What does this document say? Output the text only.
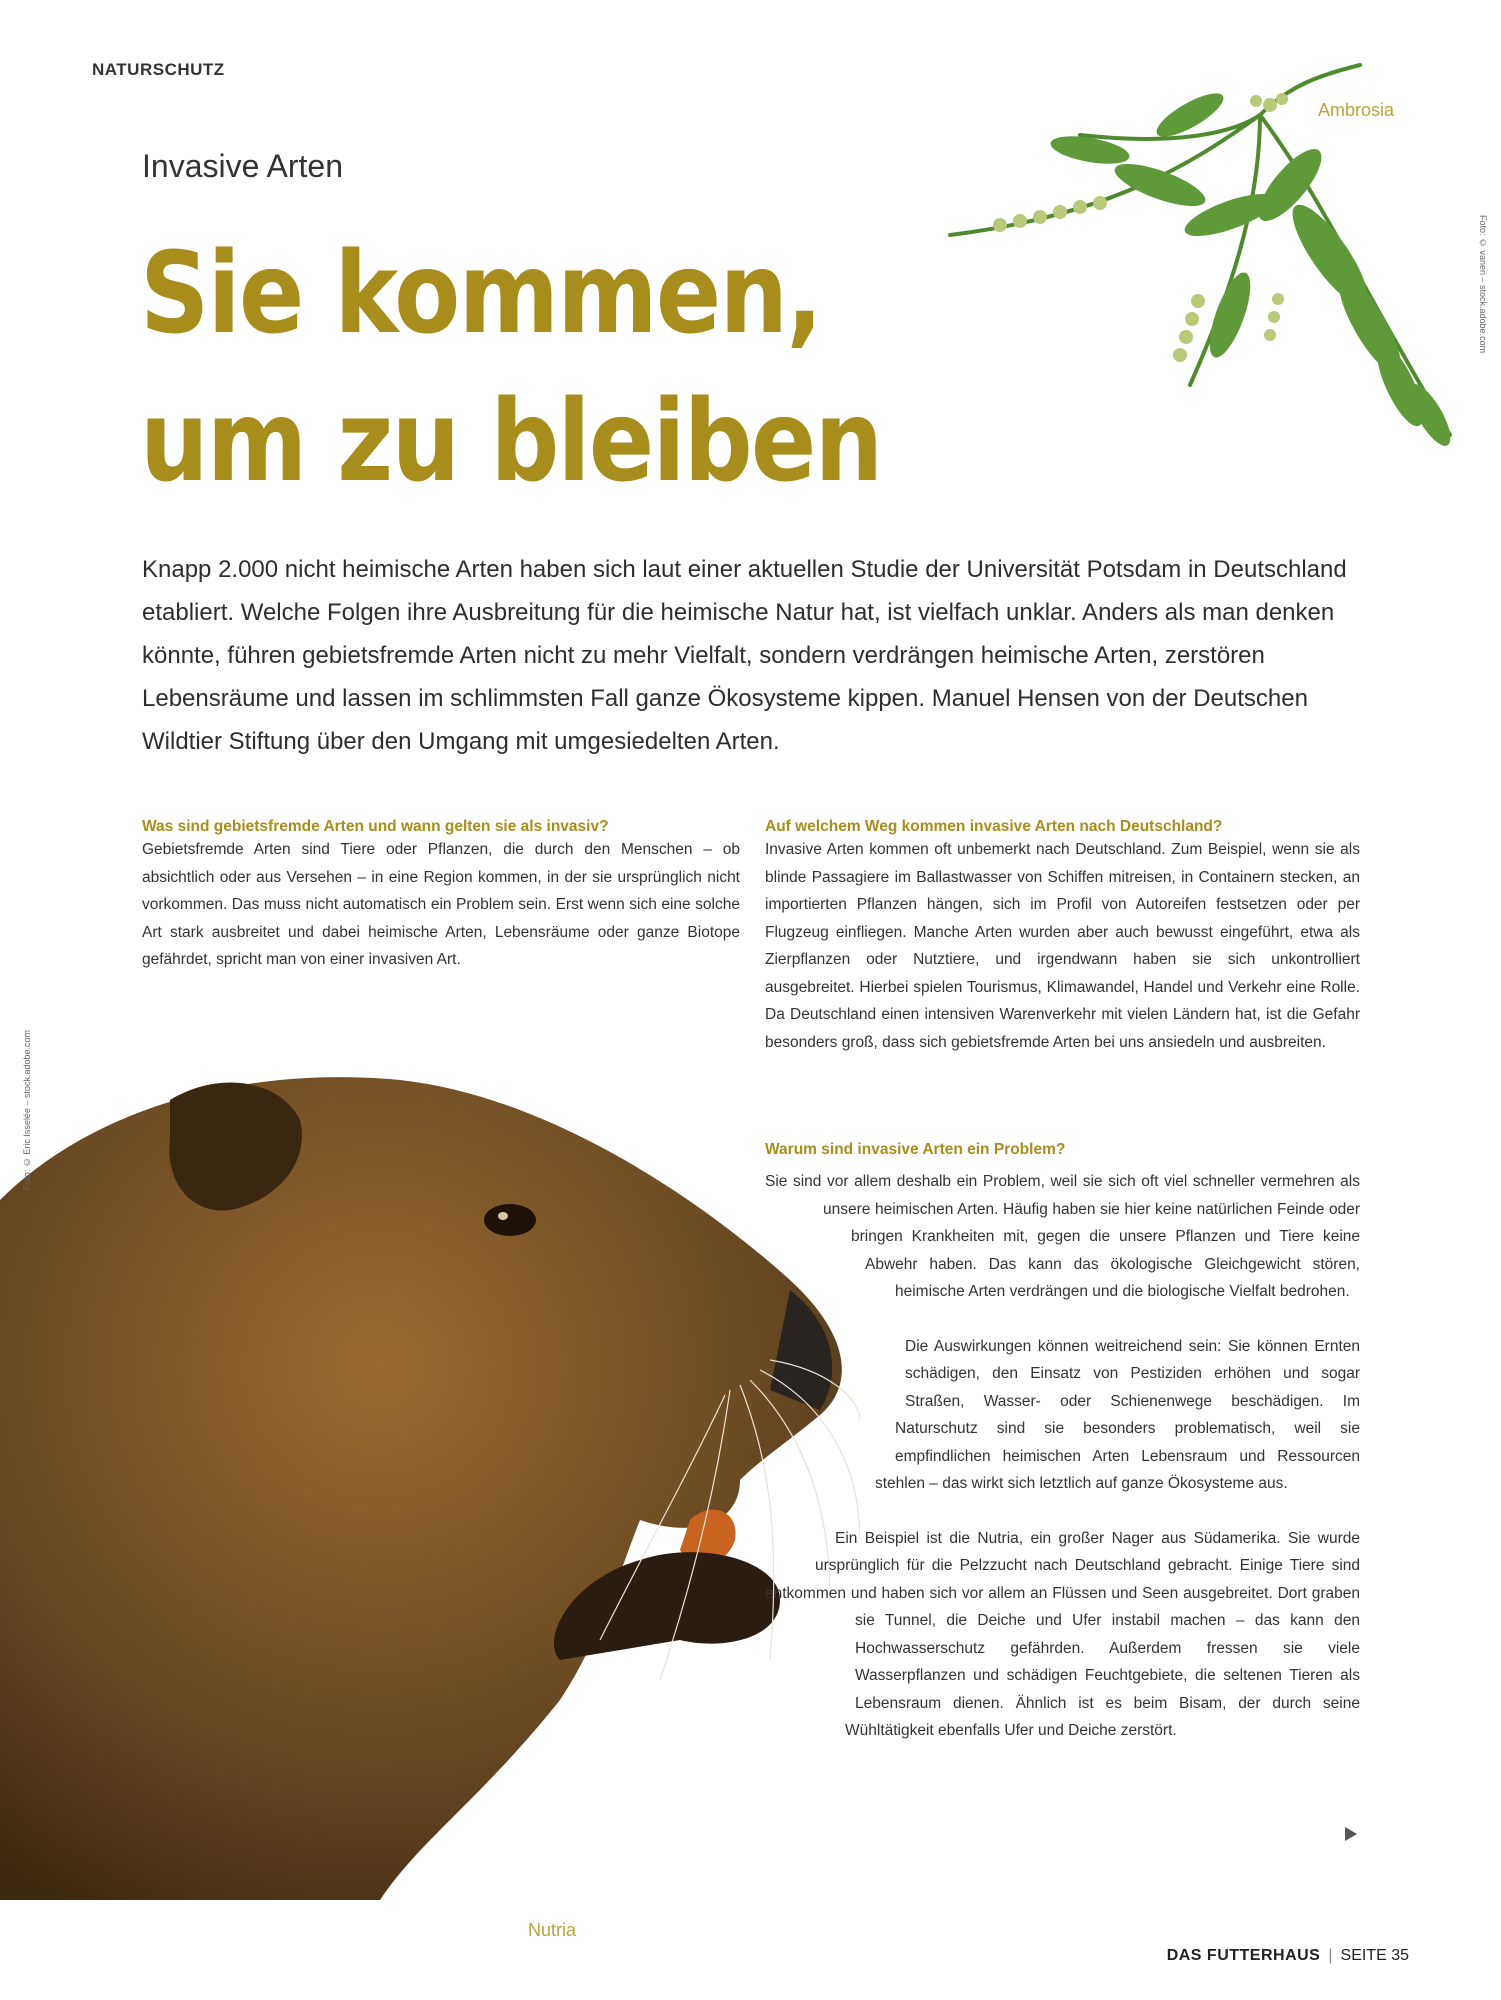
NATURSCHUTZ
Ambrosia
Foto: © vaneri – stock.adobe.com
Invasive Arten
Sie kommen,
um zu bleiben

Knapp 2.000 nicht heimische Arten haben sich laut einer aktuellen Studie der Universität Potsdam in Deutschland etabliert. Welche Folgen ihre Ausbreitung für die heimische Natur hat, ist vielfach unklar. Anders als man denken könnte, führen gebietsfremde Arten nicht zu mehr Vielfalt, sondern verdrängen heimische Arten, zerstören Lebensräume und lassen im schlimmsten Fall ganze Ökosysteme kippen. Manuel Hensen von der Deutschen Wildtier Stiftung über den Umgang mit umgesiedelten Arten.

Nutria
Foto: © Eric Isselée – stock.adobe.com

Was sind gebietsfremde Arten und wann gelten sie als invasiv?

Gebietsfremde Arten sind Tiere oder Pflanzen, die durch den Menschen – ob absichtlich oder aus Versehen – in eine Region kommen, in der sie ursprünglich nicht vorkommen. Das muss nicht automatisch ein Problem sein. Erst wenn sich eine solche Art stark ausbreitet und dabei heimische Arten, Lebensräume oder ganze Biotope gefährdet, spricht man von einer invasiven Art.

Auf welchem Weg kommen invasive Arten nach Deutschland?

Invasive Arten kommen oft unbemerkt nach Deutschland. Zum Beispiel, wenn sie als blinde Passagiere im Ballastwasser von Schiffen mitreisen, in Containern stecken, an importierten Pflanzen hängen, sich im Profil von Autoreifen festsetzen oder per Flugzeug einfliegen. Manche Arten wurden aber auch bewusst eingeführt, etwa als Zierpflanzen oder Nutztiere, und irgendwann haben sie sich unkontrolliert ausgebreitet. Hierbei spielen Tourismus, Klimawandel, Handel und Verkehr eine Rolle. Da Deutschland einen intensiven Warenverkehr mit vielen Ländern hat, ist die Gefahr besonders groß, dass sich gebietsfremde Arten bei uns ansiedeln und ausbreiten.

Warum sind invasive Arten ein Problem?

Sie sind vor allem deshalb ein Problem, weil sie sich oft viel schneller vermehren als unsere heimischen Arten. Häufig haben sie hier keine natürlichen Feinde oder bringen Krankheiten mit, gegen die unsere Pflanzen und Tiere keine Abwehr haben. Das kann das ökologische Gleichgewicht stören, heimische Arten verdrängen und die biologische Vielfalt bedrohen.

Die Auswirkungen können weitreichend sein: Sie können Ernten schädigen, den Einsatz von Pestiziden erhöhen und sogar Straßen, Wasser- oder Schienenwege beschädigen. Im Naturschutz sind sie besonders problematisch, weil sie empfindlichen heimischen Arten Lebensraum und Ressourcen stehlen – das wirkt sich letztlich auf ganze Ökosysteme aus.

Ein Beispiel ist die Nutria, ein großer Nager aus Südamerika. Sie wurde ursprünglich für die Pelzzucht nach Deutschland gebracht. Einige Tiere sind entkommen und haben sich vor allem an Flüssen und Seen ausgebreitet. Dort graben sie Tunnel, die Deiche und Ufer instabil machen – das kann den Hochwasserschutz gefährden. Außerdem fressen sie viele Wasserpflanzen und schädigen Feuchtgebiete, die seltenen Tieren als Lebensraum dienen. Ähnlich ist es beim Bisam, der durch seine Wühltätigkeit ebenfalls Ufer und Deiche zerstört.

DAS FUTTERHAUS | SEITE 35
